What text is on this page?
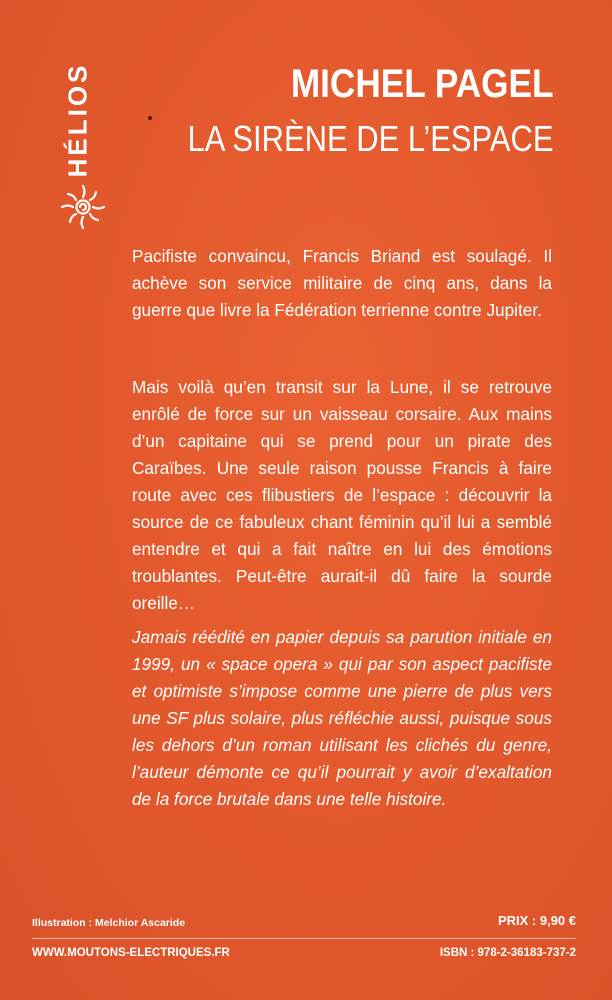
HÉLIOS	MICHEL PAGEL
LA SIRÈNE DE L’ESPACE

Pacifiste convaincu, Francis Briand est soulagé. Il achève son service militaire de cinq ans, dans la guerre que livre la Fédération terrienne contre Jupiter.

Mais voilà qu’en transit sur la Lune, il se retrouve enrôlé de force sur un vaisseau corsaire. Aux mains d’un capitaine qui se prend pour un pirate des Caraïbes. Une seule raison pousse Francis à faire route avec ces flibustiers de l’espace : découvrir la source de ce fabuleux chant féminin qu’il lui a semblé entendre et qui a fait naître en lui des émotions troublantes. Peut-être aurait-il dû faire la sourde oreille…

Jamais réédité en papier depuis sa parution initiale en 1999, un « space opera » qui par son aspect pacifiste et optimiste s’impose comme une pierre de plus vers une SF plus solaire, plus réfléchie aussi, puisque sous les dehors d’un roman utilisant les clichés du genre, l’auteur démonte ce qu’il pourrait y avoir d’exaltation de la force brutale dans une telle histoire.

Illustration : Melchior Ascaride	PRIX : 9,90 €
WWW.MOUTONS-ELECTRIQUES.FR	ISBN : 978-2-36183-737-2
